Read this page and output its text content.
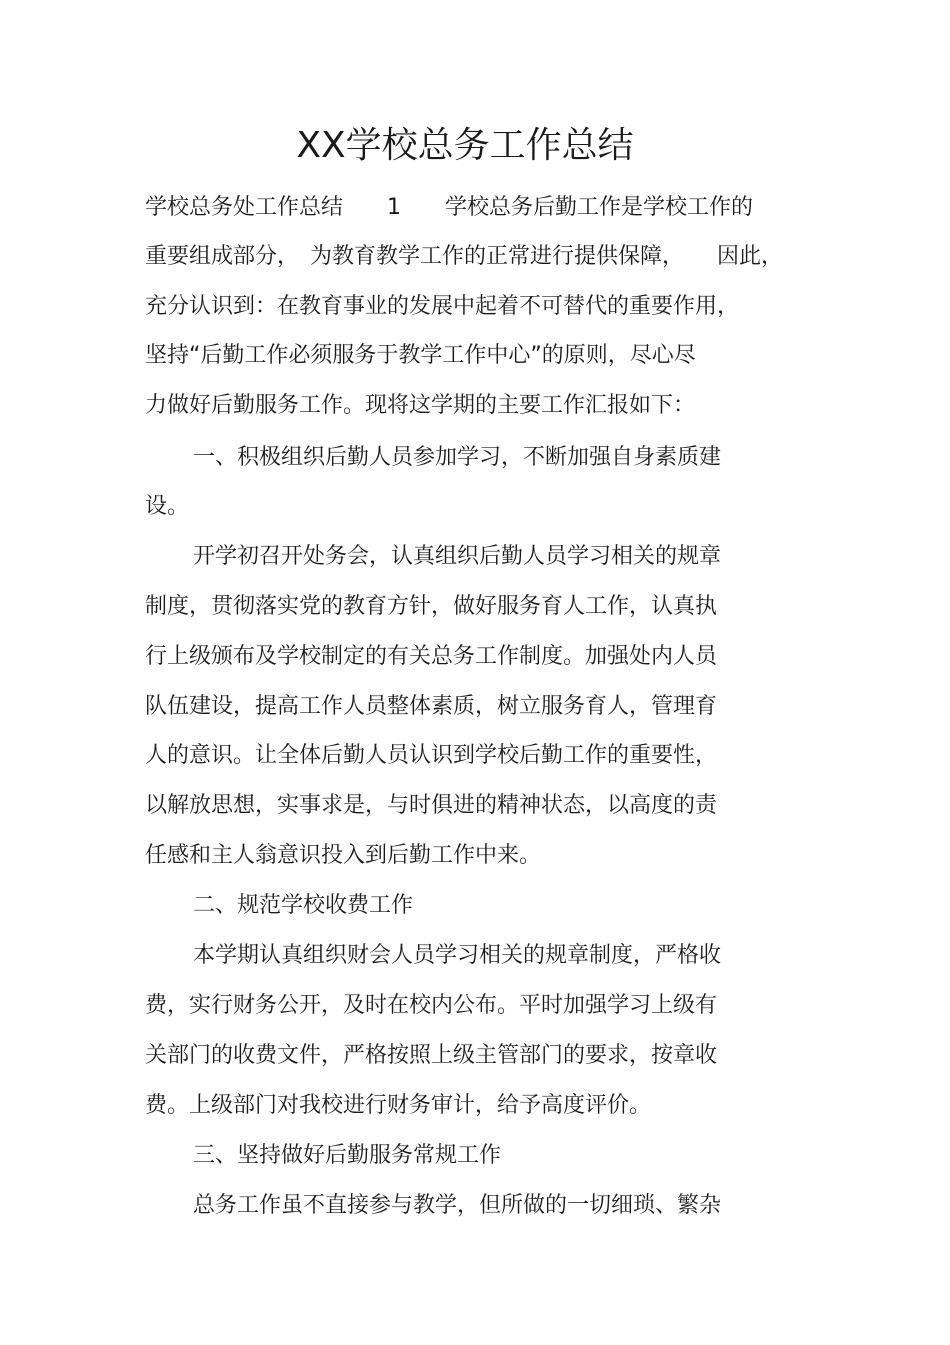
XX学校总务工作总结
学校总务处工作总结　　1　　学校总务后勤工作是学校工作的
重要组成部分，　为教育教学工作的正常进行提供保障，　　因此，
充分认识到：在教育事业的发展中起着不可替代的重要作用，
坚持“后勤工作必须服务于教学工作中心”的原则，尽心尽
力做好后勤服务工作。现将这学期的主要工作汇报如下：
一、积极组织后勤人员参加学习，不断加强自身素质建
设。
开学初召开处务会，认真组织后勤人员学习相关的规章
制度，贯彻落实党的教育方针，做好服务育人工作，认真执
行上级颁布及学校制定的有关总务工作制度。加强处内人员
队伍建设，提高工作人员整体素质，树立服务育人，管理育
人的意识。让全体后勤人员认识到学校后勤工作的重要性，
以解放思想，实事求是，与时俱进的精神状态，以高度的责
任感和主人翁意识投入到后勤工作中来。
二、规范学校收费工作
本学期认真组织财会人员学习相关的规章制度，严格收
费，实行财务公开，及时在校内公布。平时加强学习上级有
关部门的收费文件，严格按照上级主管部门的要求，按章收
费。上级部门对我校进行财务审计，给予高度评价。
三、坚持做好后勤服务常规工作
总务工作虽不直接参与教学，但所做的一切细琐、繁杂
